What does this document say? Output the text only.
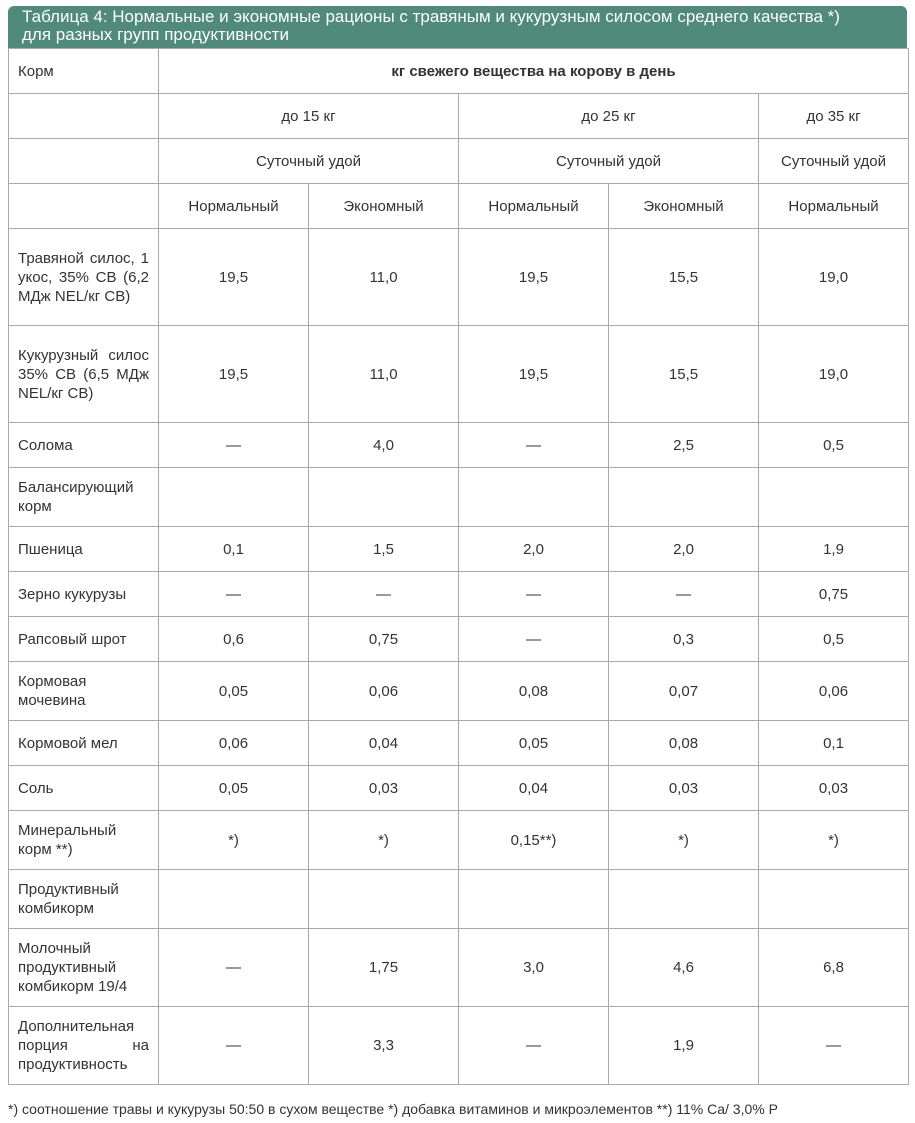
Таблица 4: Нормальные и экономные рационы с травяным и кукурузным силосом среднего качества *)
для разных групп продуктивности
Корм	кг свежего вещества на корову в день				
	до 15 кг		до 25 кг		до 35 кг
	Суточный удой		Суточный удой		Суточный удой
	Нормальный	Экономный	Нормальный	Экономный	Нормальный
Травяной силос, 1 укос, 35% СВ (6,2 МДж NEL/кг СВ)	19,5	11,0	19,5	15,5	19,0
Кукурузный силос 35% СВ (6,5 МДж NEL/кг СВ)	19,5	11,0	19,5	15,5	19,0
Солома	—	4,0	—	2,5	0,5
Балансирующий корм					
Пшеница	0,1	1,5	2,0	2,0	1,9
Зерно кукурузы	—	—	—	—	0,75
Рапсовый шрот	0,6	0,75	—	0,3	0,5
Кормовая мочевина	0,05	0,06	0,08	0,07	0,06
Кормовой мел	0,06	0,04	0,05	0,08	0,1
Соль	0,05	0,03	0,04	0,03	0,03
Минеральный корм **)	*)	*)	0,15**)	*)	*)
Продуктивный комбикорм					
Молочный продуктивный комбикорм 19/4	—	1,75	3,0	4,6	6,8
Дополнительная порция на продуктивность	—	3,3	—	1,9	—
*) соотношение травы и кукурузы 50:50 в сухом веществе *) добавка витаминов и микроэлементов **) 11% Ca/ 3,0% P
